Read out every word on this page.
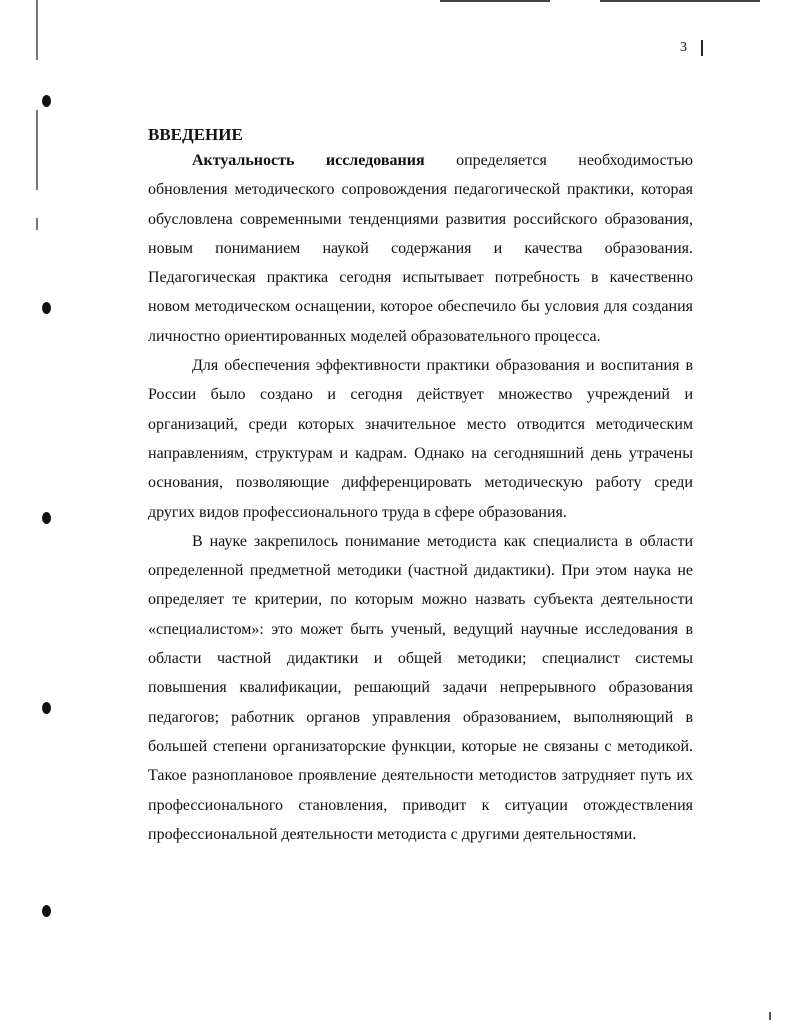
3
ВВЕДЕНИЕ

Актуальность исследования определяется необходимостью обновления методического сопровождения педагогической практики, которая обусловлена современными тенденциями развития российского образования, новым пониманием наукой содержания и качества образования. Педагогическая практика сегодня испытывает потребность в качественно новом методическом оснащении, которое обеспечило бы условия для создания личностно ориентированных моделей образовательного процесса.

Для обеспечения эффективности практики образования и воспитания в России было создано и сегодня действует множество учреждений и организаций, среди которых значительное место отводится методическим направлениям, структурам и кадрам. Однако на сегодняшний день утрачены основания, позволяющие дифференцировать методическую работу среди других видов профессионального труда в сфере образования.

В науке закрепилось понимание методиста как специалиста в области определенной предметной методики (частной дидактики). При этом наука не определяет те критерии, по которым можно назвать субъекта деятельности «специалистом»: это может быть ученый, ведущий научные исследования в области частной дидактики и общей методики; специалист системы повышения квалификации, решающий задачи непрерывного образования педагогов; работник органов управления образованием, выполняющий в большей степени организаторские функции, которые не связаны с методикой. Такое разноплановое проявление деятельности методистов затрудняет путь их профессионального становления, приводит к ситуации отождествления профессиональной деятельности методиста с другими деятельностями.
